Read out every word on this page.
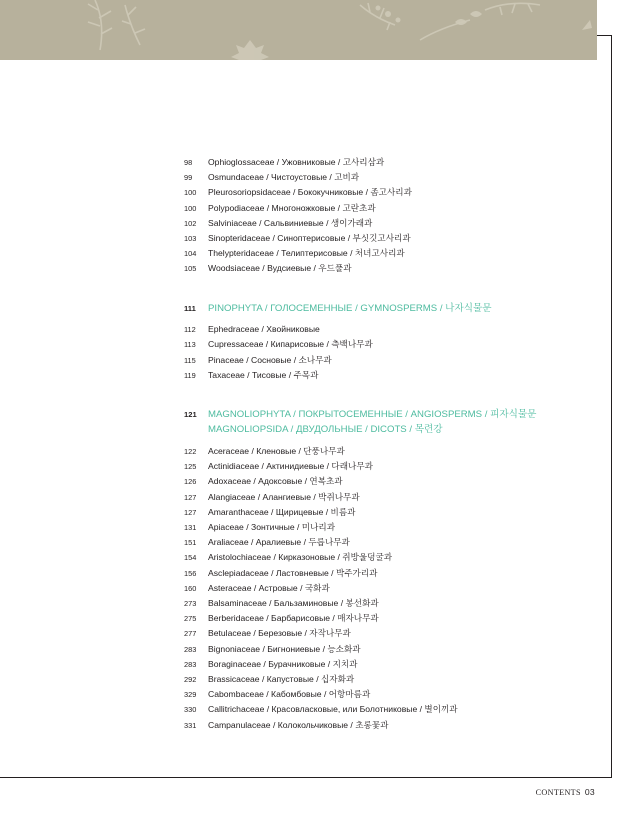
98	Ophioglossaceae / Ужовниковые / 고사리삼과
99	Osmundaceae / Чистоустовые / 고비과
100	Pleurosoriopsidaceae / Бококучниковые / 좀고사리과
100	Polypodiaceae / Многоножковые / 고란초과
102	Salviniaceae / Сальвиниевые / 생이가래과
103	Sinopteridaceae / Синоптерисовые / 부싯깃고사리과
104	Thelypteridaceae / Телиптерисовые / 처녀고사리과
105	Woodsiaceae / Вудсиевые / 우드풀과
111	PINOPHYTA / ГОЛОСЕМЕННЫЕ / GYMNOSPERMS / 나자식물문
112	Ephedraceae / Хвойниковые
113	Cupressaceae / Кипарисовые / 측백나무과
115	Pinaceae / Сосновые / 소나무과
119	Taxaceae / Тисовые / 주목과
121	MAGNOLIOPHYTA / ПОКРЫТОСЕМЕННЫЕ / ANGIOSPERMS / 피자식물문
MAGNOLIOPSIDA / ДВУДОЛЬНЫЕ / DICOTS / 목련강
122	Aceraceae / Кленовые / 단풍나무과
125	Actinidiaceae / Актинидиевые / 다래나무과
126	Adoxaceae / Адоксовые / 연복초과
127	Alangiaceae / Алангиевые / 박쥐나무과
127	Amaranthaceae / Щирицевые / 비름과
131	Apiaceae / Зонтичные / 미나리과
151	Araliaceae / Аралиевые / 두릅나무과
154	Aristolochiaceae / Кирказоновые / 쥐방울덩굴과
156	Asclepiadaceae / Ластовневые / 박주가리과
160	Asteraceae / Астровые / 국화과
273	Balsaminaceae / Бальзаминовые / 봉선화과
275	Berberidaceae / Барбарисовые / 매자나무과
277	Betulaceae / Березовые / 자작나무과
283	Bignoniaceae / Бигнониевые / 능소화과
283	Boraginaceae / Бурачниковые / 지치과
292	Brassicaceae / Капустовые / 십자화과
329	Cabombaceae / Кабомбовые / 어항마름과
330	Callitrichaceae / Красовласковые, или Болотниковые / 별이끼과
331	Campanulaceae / Колокольчиковые / 초롱꽃과
CONTENTS 03
